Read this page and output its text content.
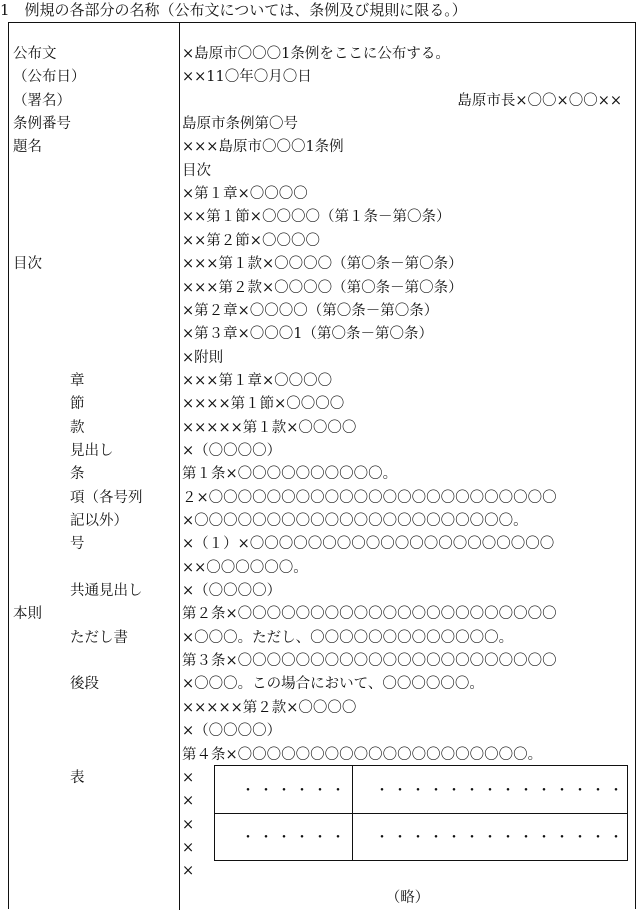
1　例規の各部分の名称（公布文については、条例及び規則に限る。）
公布文	×島原市〇〇〇1条例をここに公布する。
（公布日）	××11〇年〇月〇日
（署名）	島原市長×〇〇×〇〇××
条例番号	島原市条例第〇号
題名	×××島原市〇〇〇1条例
目次
×第１章×〇〇〇〇
××第１節×〇〇〇〇（第１条－第〇条）
××第２節×〇〇〇〇
目次	×××第１款×〇〇〇〇（第〇条－第〇条）
×××第２款×〇〇〇〇（第〇条－第〇条）
×第２章×〇〇〇〇（第〇条－第〇条）
×第３章×〇〇〇1（第〇条－第〇条）
×附則
章	×××第１章×〇〇〇〇
節	××××第１節×〇〇〇〇
款	×××××第１款×〇〇〇〇
見出し	×（〇〇〇〇）
条	第１条×〇〇〇〇〇〇〇〇〇〇。
項（各号列	２×〇〇〇〇〇〇〇〇〇〇〇〇〇〇〇〇〇〇〇〇〇〇〇〇
記以外）	×〇〇〇〇〇〇〇〇〇〇〇〇〇〇〇〇〇〇〇〇〇〇。
号	×（１）×〇〇〇〇〇〇〇〇〇〇〇〇〇〇〇〇〇〇〇〇〇
××〇〇〇〇〇〇。
共通見出し	×（〇〇〇〇）
本則	第２条×〇〇〇〇〇〇〇〇〇〇〇〇〇〇〇〇〇〇〇〇〇〇
ただし書	×〇〇〇。ただし、〇〇〇〇〇〇〇〇〇〇〇〇〇。
第３条×〇〇〇〇〇〇〇〇〇〇〇〇〇〇〇〇〇〇〇〇〇〇
後段	×〇〇〇。この場合において、〇〇〇〇〇〇。
×××××第２款×〇〇〇〇
×（〇〇〇〇）
第４条×〇〇〇〇〇〇〇〇〇〇〇〇〇〇〇〇〇〇〇〇。
表	×
×
×
×
×
・・・・・・ ・・・・・・・・・・・・・・
・・・・・・ ・・・・・・・・・・・・・・
（略）
